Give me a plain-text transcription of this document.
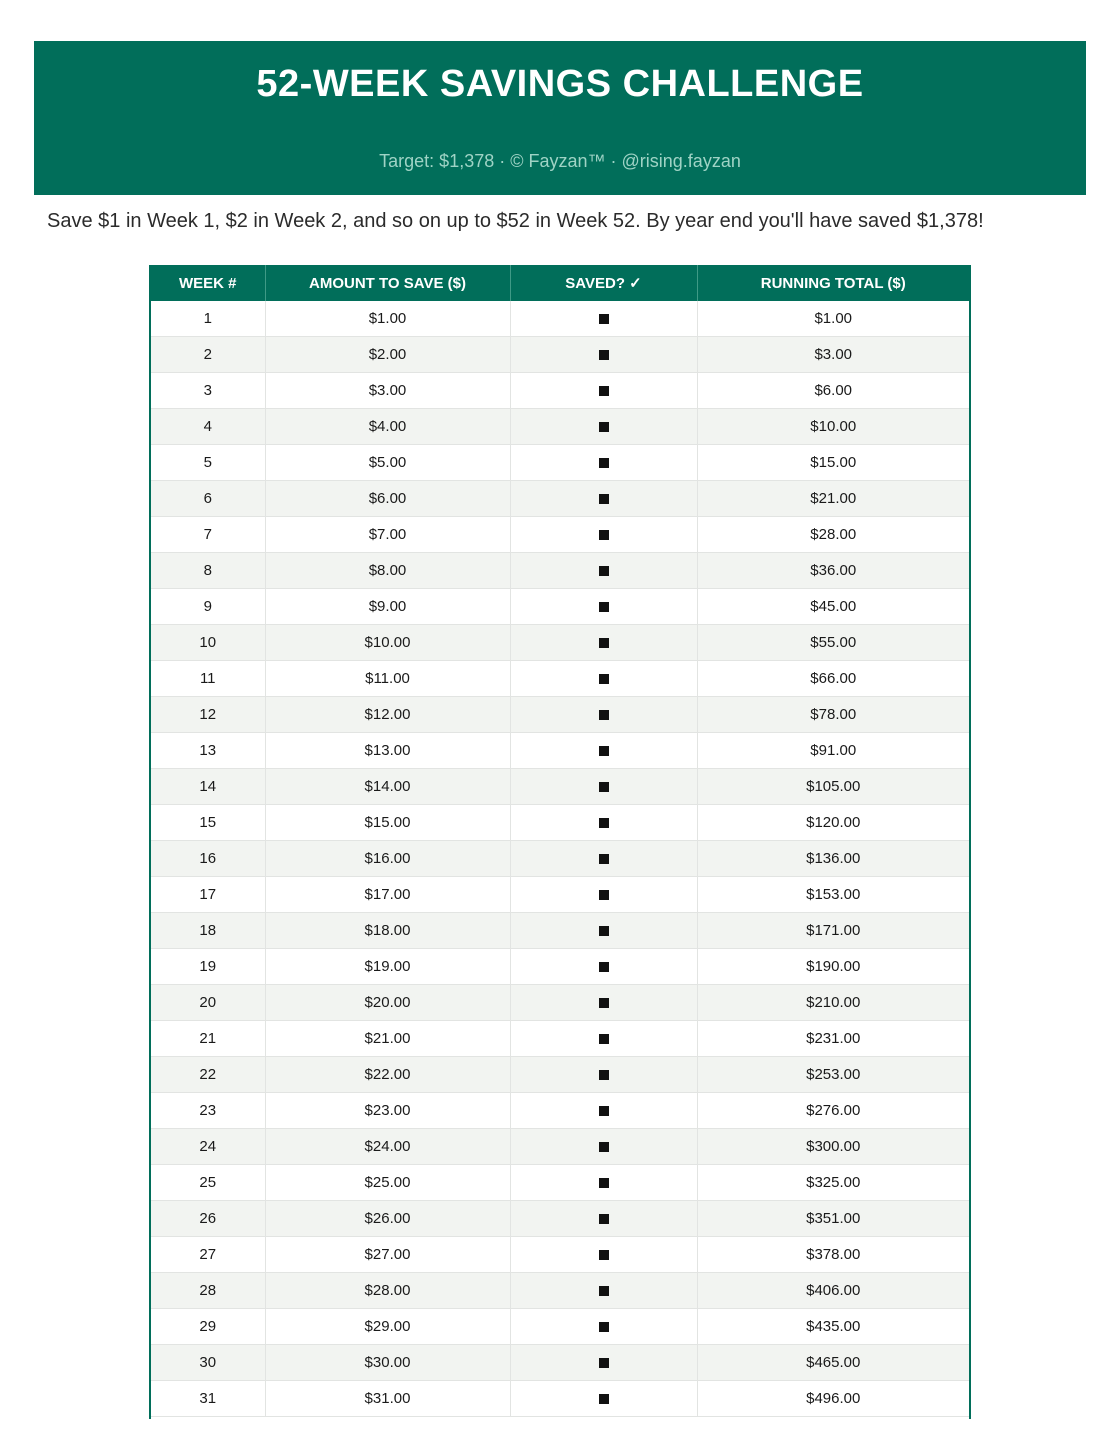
52-WEEK SAVINGS CHALLENGE
Target: $1,378 · © Fayzan™ · @rising.fayzan
Save $1 in Week 1, $2 in Week 2, and so on up to $52 in Week 52. By year end you'll have saved $1,378!
WEEK #	AMOUNT TO SAVE ($)	SAVED? ✓	RUNNING TOTAL ($)
1	$1.00		$1.00
2	$2.00		$3.00
3	$3.00		$6.00
4	$4.00		$10.00
5	$5.00		$15.00
6	$6.00		$21.00
7	$7.00		$28.00
8	$8.00		$36.00
9	$9.00		$45.00
10	$10.00		$55.00
11	$11.00		$66.00
12	$12.00		$78.00
13	$13.00		$91.00
14	$14.00		$105.00
15	$15.00		$120.00
16	$16.00		$136.00
17	$17.00		$153.00
18	$18.00		$171.00
19	$19.00		$190.00
20	$20.00		$210.00
21	$21.00		$231.00
22	$22.00		$253.00
23	$23.00		$276.00
24	$24.00		$300.00
25	$25.00		$325.00
26	$26.00		$351.00
27	$27.00		$378.00
28	$28.00		$406.00
29	$29.00		$435.00
30	$30.00		$465.00
31	$31.00		$496.00
